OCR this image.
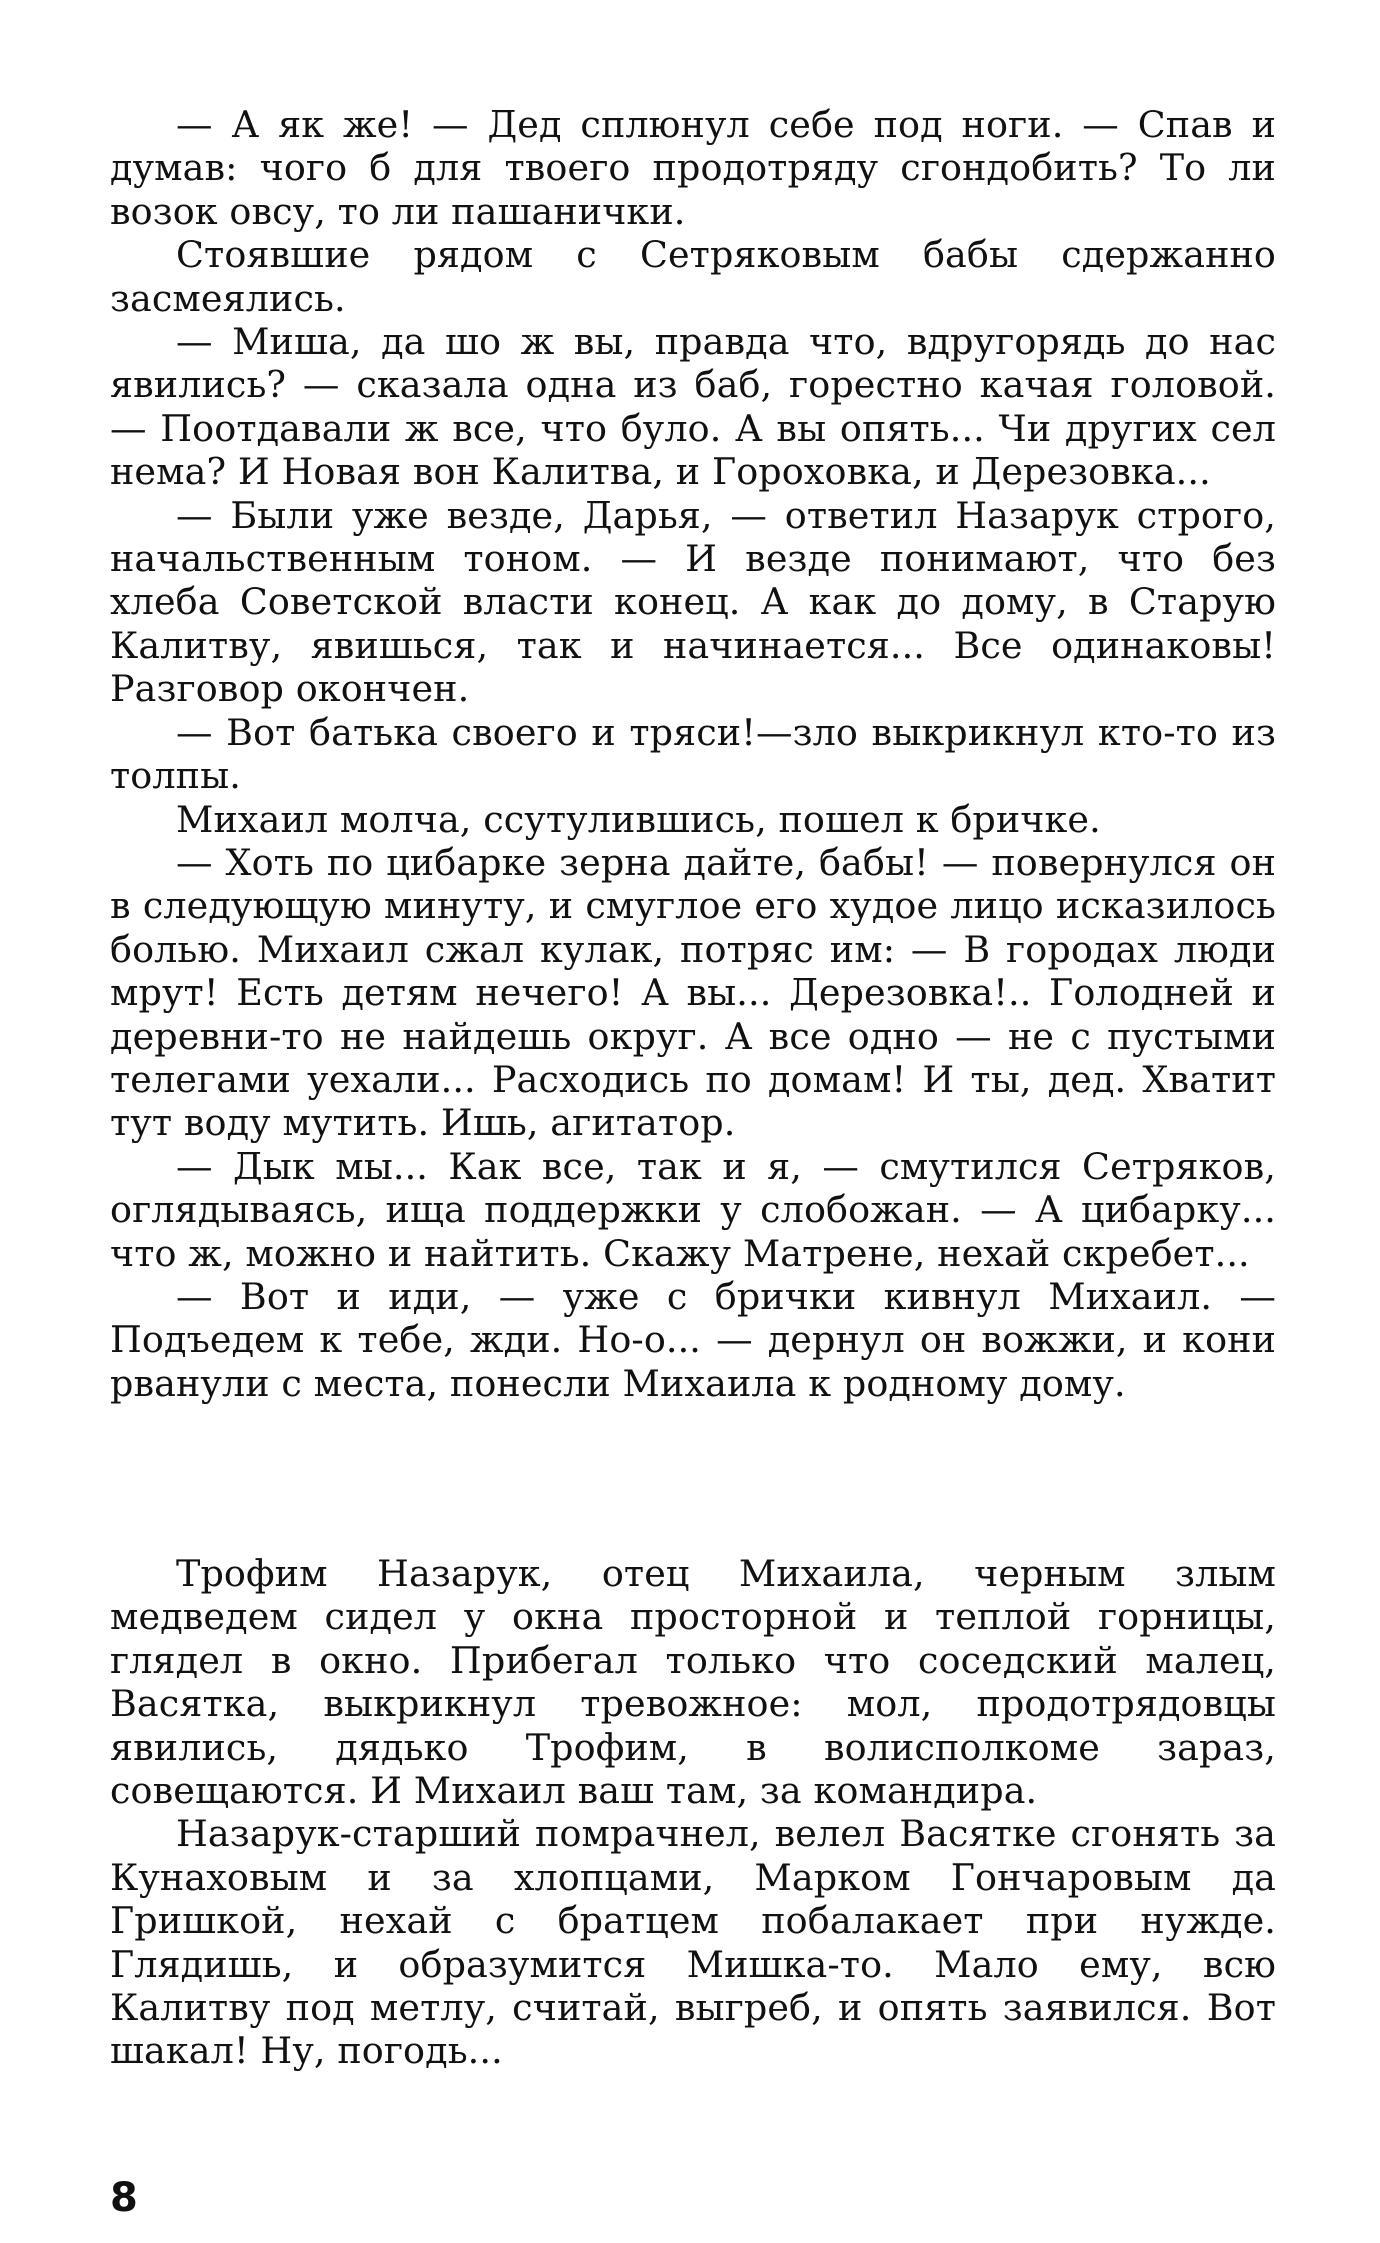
— А як же! — Дед сплюнул себе под ноги. — Спав и думав: чого б для твоего продотряду сгондобить? То ли возок овсу, то ли пашанички.

Стоявшие рядом с Сетряковым бабы сдержанно засмеялись.

— Миша, да шо ж вы, правда что, вдругорядь до нас явились? — сказала одна из баб, горестно качая головой. — Поотдавали ж все, что було. А вы опять... Чи других сел нема? И Новая вон Калитва, и Гороховка, и Дерезовка...

— Были уже везде, Дарья, — ответил Назарук строго, начальственным тоном. — И везде понимают, что без хлеба Советской власти конец. А как до дому, в Старую Калитву, явишься, так и начинается... Все одинаковы! Разговор окончен.

— Вот батька своего и тряси!—зло выкрикнул кто-то из толпы.

Михаил молча, ссутулившись, пошел к бричке.

— Хоть по цибарке зерна дайте, бабы! — повернулся он в следующую минуту, и смуглое его худое лицо исказилось болью. Михаил сжал кулак, потряс им: — В городах люди мрут! Есть детям нечего! А вы... Дерезовка!.. Голодней и деревни-то не найдешь округ. А все одно — не с пустыми телегами уехали... Расходись по домам! И ты, дед. Хватит тут воду мутить. Ишь, агитатор.

— Дык мы... Как все, так и я, — смутился Сетряков, оглядываясь, ища поддержки у слобожан. — А цибарку... что ж, можно и найтить. Скажу Матрене, нехай скребет...

— Вот и иди, — уже с брички кивнул Михаил. — Подъедем к тебе, жди. Но-о... — дернул он вожжи, и кони рванули с места, понесли Михаила к родному дому.

Трофим Назарук, отец Михаила, черным злым медведем сидел у окна просторной и теплой горницы, глядел в окно. Прибегал только что соседский малец, Васятка, выкрикнул тревожное: мол, продотрядовцы явились, дядько Трофим, в волисполкоме зараз, совещаются. И Михаил ваш там, за командира.

Назарук-старший помрачнел, велел Васятке сгонять за Кунаховым и за хлопцами, Марком Гончаровым да Гришкой, нехай с братцем побалакает при нужде. Глядишь, и образумится Мишка-то. Мало ему, всю Калитву под метлу, считай, выгреб, и опять заявился. Вот шакал! Ну, погодь...

8
